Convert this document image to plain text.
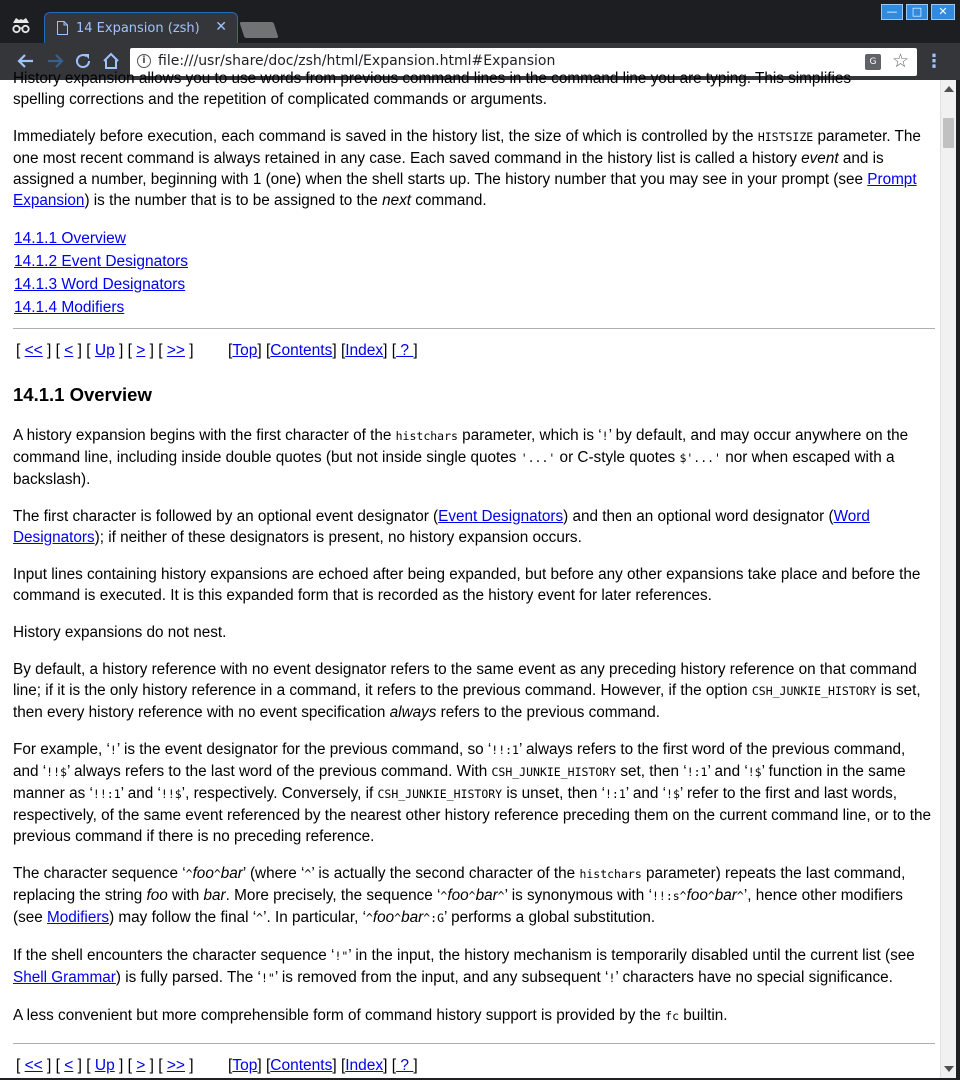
14 Expansion (zsh) ✕
—	□	✕
i file:///usr/share/doc/zsh/html/Expansion.html#Expansion	G ☆ ⋮

History expansion allows you to use words from previous command lines in the command line you are typing. This simplifies
spelling corrections and the repetition of complicated commands or arguments.

Immediately before execution, each command is saved in the history list, the size of which is controlled by the HISTSIZE parameter. The one most recent command is always retained in any case. Each saved command in the history list is called a history event and is assigned a number, beginning with 1 (one) when the shell starts up. The history number that you may see in your prompt (see Prompt Expansion) is the number that is to be assigned to the next command.

14.1.1 Overview
14.1.2 Event Designators
14.1.3 Word Designators
14.1.4 Modifiers
[ << ] [ < ] [ Up ] [ > ] [ >> ]        [Top] [Contents] [Index] [ ? ]
14.1.1 Overview

A history expansion begins with the first character of the histchars parameter, which is ‘!’ by default, and may occur anywhere on the command line, including inside double quotes (but not inside single quotes '...' or C-style quotes $'...' nor when escaped with a backslash).

The first character is followed by an optional event designator (Event Designators) and then an optional word designator (Word Designators); if neither of these designators is present, no history expansion occurs.

Input lines containing history expansions are echoed after being expanded, but before any other expansions take place and before the command is executed. It is this expanded form that is recorded as the history event for later references.

History expansions do not nest.

By default, a history reference with no event designator refers to the same event as any preceding history reference on that command line; if it is the only history reference in a command, it refers to the previous command. However, if the option CSH_JUNKIE_HISTORY is set, then every history reference with no event specification always refers to the previous command.

For example, ‘!’ is the event designator for the previous command, so ‘!!:1’ always refers to the first word of the previous command, and ‘!!$’ always refers to the last word of the previous command. With CSH_JUNKIE_HISTORY set, then ‘!:1’ and ‘!$’ function in the same manner as ‘!!:1’ and ‘!!$’, respectively. Conversely, if CSH_JUNKIE_HISTORY is unset, then ‘!:1’ and ‘!$’ refer to the first and last words, respectively, of the same event referenced by the nearest other history reference preceding them on the current command line, or to the previous command if there is no preceding reference.

The character sequence ‘^foo^bar’ (where ‘^’ is actually the second character of the histchars parameter) repeats the last command, replacing the string foo with bar. More precisely, the sequence ‘^foo^bar^’ is synonymous with ‘!!:s^foo^bar^’, hence other modifiers (see Modifiers) may follow the final ‘^’. In particular, ‘^foo^bar^:G’ performs a global substitution.

If the shell encounters the character sequence ‘!"’ in the input, the history mechanism is temporarily disabled until the current list (see Shell Grammar) is fully parsed. The ‘!"’ is removed from the input, and any subsequent ‘!’ characters have no special significance.

A less convenient but more comprehensible form of command history support is provided by the fc builtin.

[ << ] [ < ] [ Up ] [ > ] [ >> ]        [Top] [Contents] [Index] [ ? ]
